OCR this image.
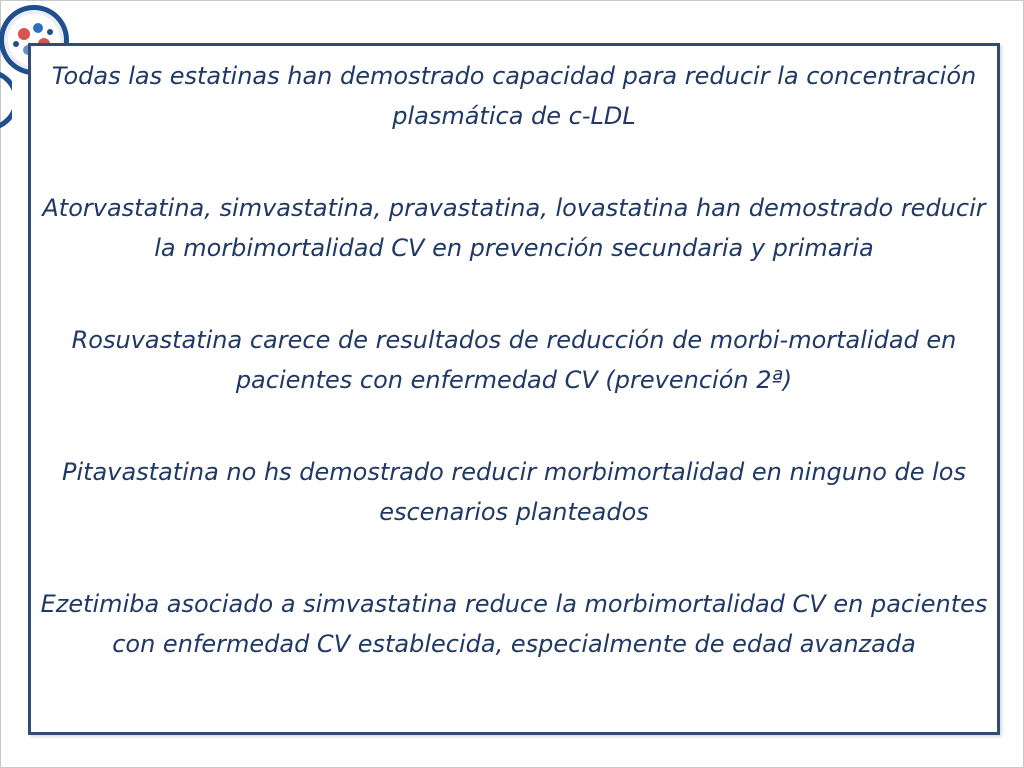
Todas las estatinas han demostrado capacidad para reducir la concentración plasmática de c-LDL
Atorvastatina, simvastatina, pravastatina, lovastatina han demostrado reducir la morbimortalidad CV en prevención secundaria y primaria
Rosuvastatina carece de resultados de reducción de morbi-mortalidad en pacientes con enfermedad CV (prevención 2ª)
Pitavastatina no hs demostrado reducir morbimortalidad en ninguno de los escenarios planteados
Ezetimiba asociado a simvastatina reduce la morbimortalidad CV en pacientes con enfermedad CV establecida, especialmente de edad avanzada
